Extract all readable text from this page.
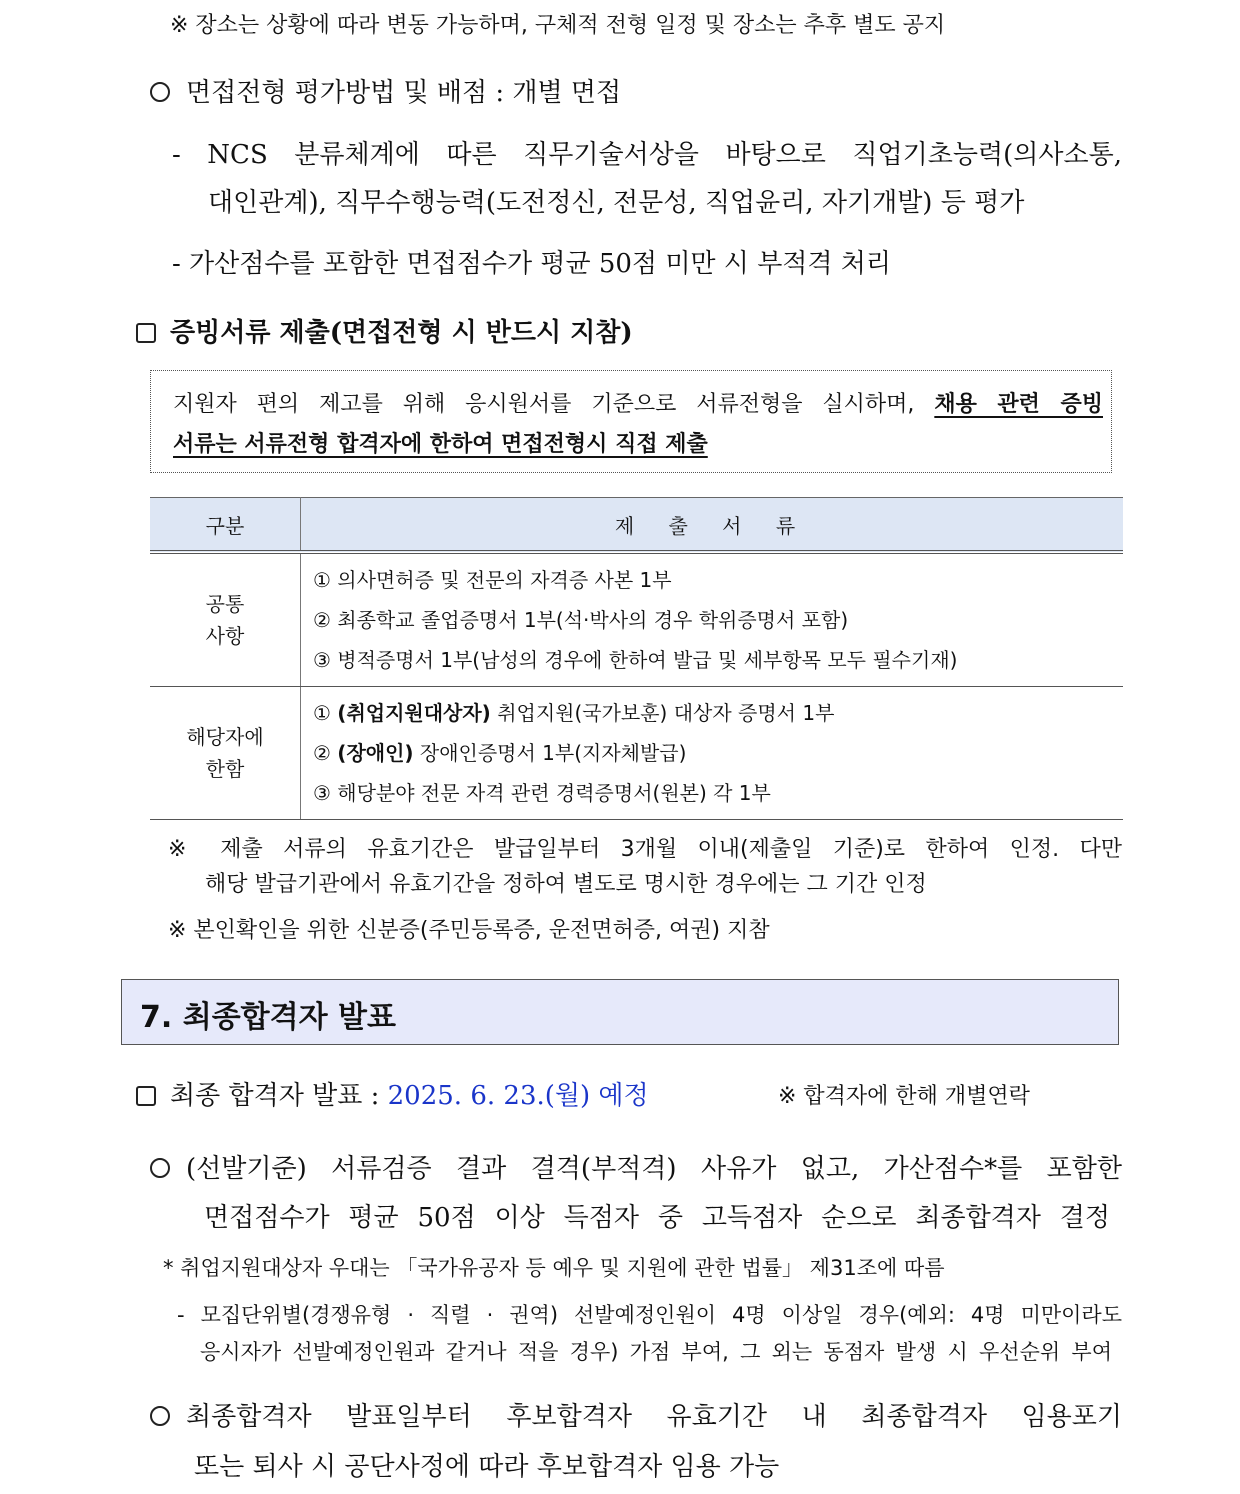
※ 장소는 상황에 따라 변동 가능하며, 구체적 전형 일정 및 장소는 추후 별도 공지
면접전형 평가방법 및 배점 : 개별 면접
- NCS 분류체계에 따른 직무기술서상을 바탕으로 직업기초능력(의사소통,
대인관계), 직무수행능력(도전정신, 전문성, 직업윤리, 자기개발) 등 평가
- 가산점수를 포함한 면접점수가 평균 50점 미만 시 부적격 처리
증빙서류 제출(면접전형 시 반드시 지참)
지원자 편의 제고를 위해 응시원서를 기준으로 서류전형을 실시하며, 채용 관련 증빙
서류는 서류전형 합격자에 한하여 면접전형시 직접 제출
구분	제 출 서 류

공통
사항	① 의사면허증 및 전문의 자격증 사본 1부
② 최종학교 졸업증명서 1부(석·박사의 경우 학위증명서 포함)
③ 병적증명서 1부(남성의 경우에 한하여 발급 및 세부항목 모두 필수기재)

해당자에
한함	① (취업지원대상자) 취업지원(국가보훈) 대상자 증명서 1부
② (장애인) 장애인증명서 1부(지자체발급)
③ 해당분야 전문 자격 관련 경력증명서(원본) 각 1부
※ 제출 서류의 유효기간은 발급일부터 3개월 이내(제출일 기준)로 한하여 인정. 다만
해당 발급기관에서 유효기간을 정하여 별도로 명시한 경우에는 그 기간 인정
※ 본인확인을 위한 신분증(주민등록증, 운전면허증, 여권) 지참
7. 최종합격자 발표
최종 합격자 발표 : 2025. 6. 23.(월) 예정	※ 합격자에 한해 개별연락
(선발기준) 서류검증 결과 결격(부적격) 사유가 없고, 가산점수*를 포함한
면접점수가 평균 50점 이상 득점자 중 고득점자 순으로 최종합격자 결정
* 취업지원대상자 우대는 「국가유공자 등 예우 및 지원에 관한 법률」 제31조에 따름
- 모집단위별(경쟁유형 · 직렬 · 권역) 선발예정인원이 4명 이상일 경우(예외: 4명 미만이라도
응시자가 선발예정인원과 같거나 적을 경우) 가점 부여, 그 외는 동점자 발생 시 우선순위 부여
최종합격자 발표일부터 후보합격자 유효기간 내 최종합격자 임용포기
또는 퇴사 시 공단사정에 따라 후보합격자 임용 가능
